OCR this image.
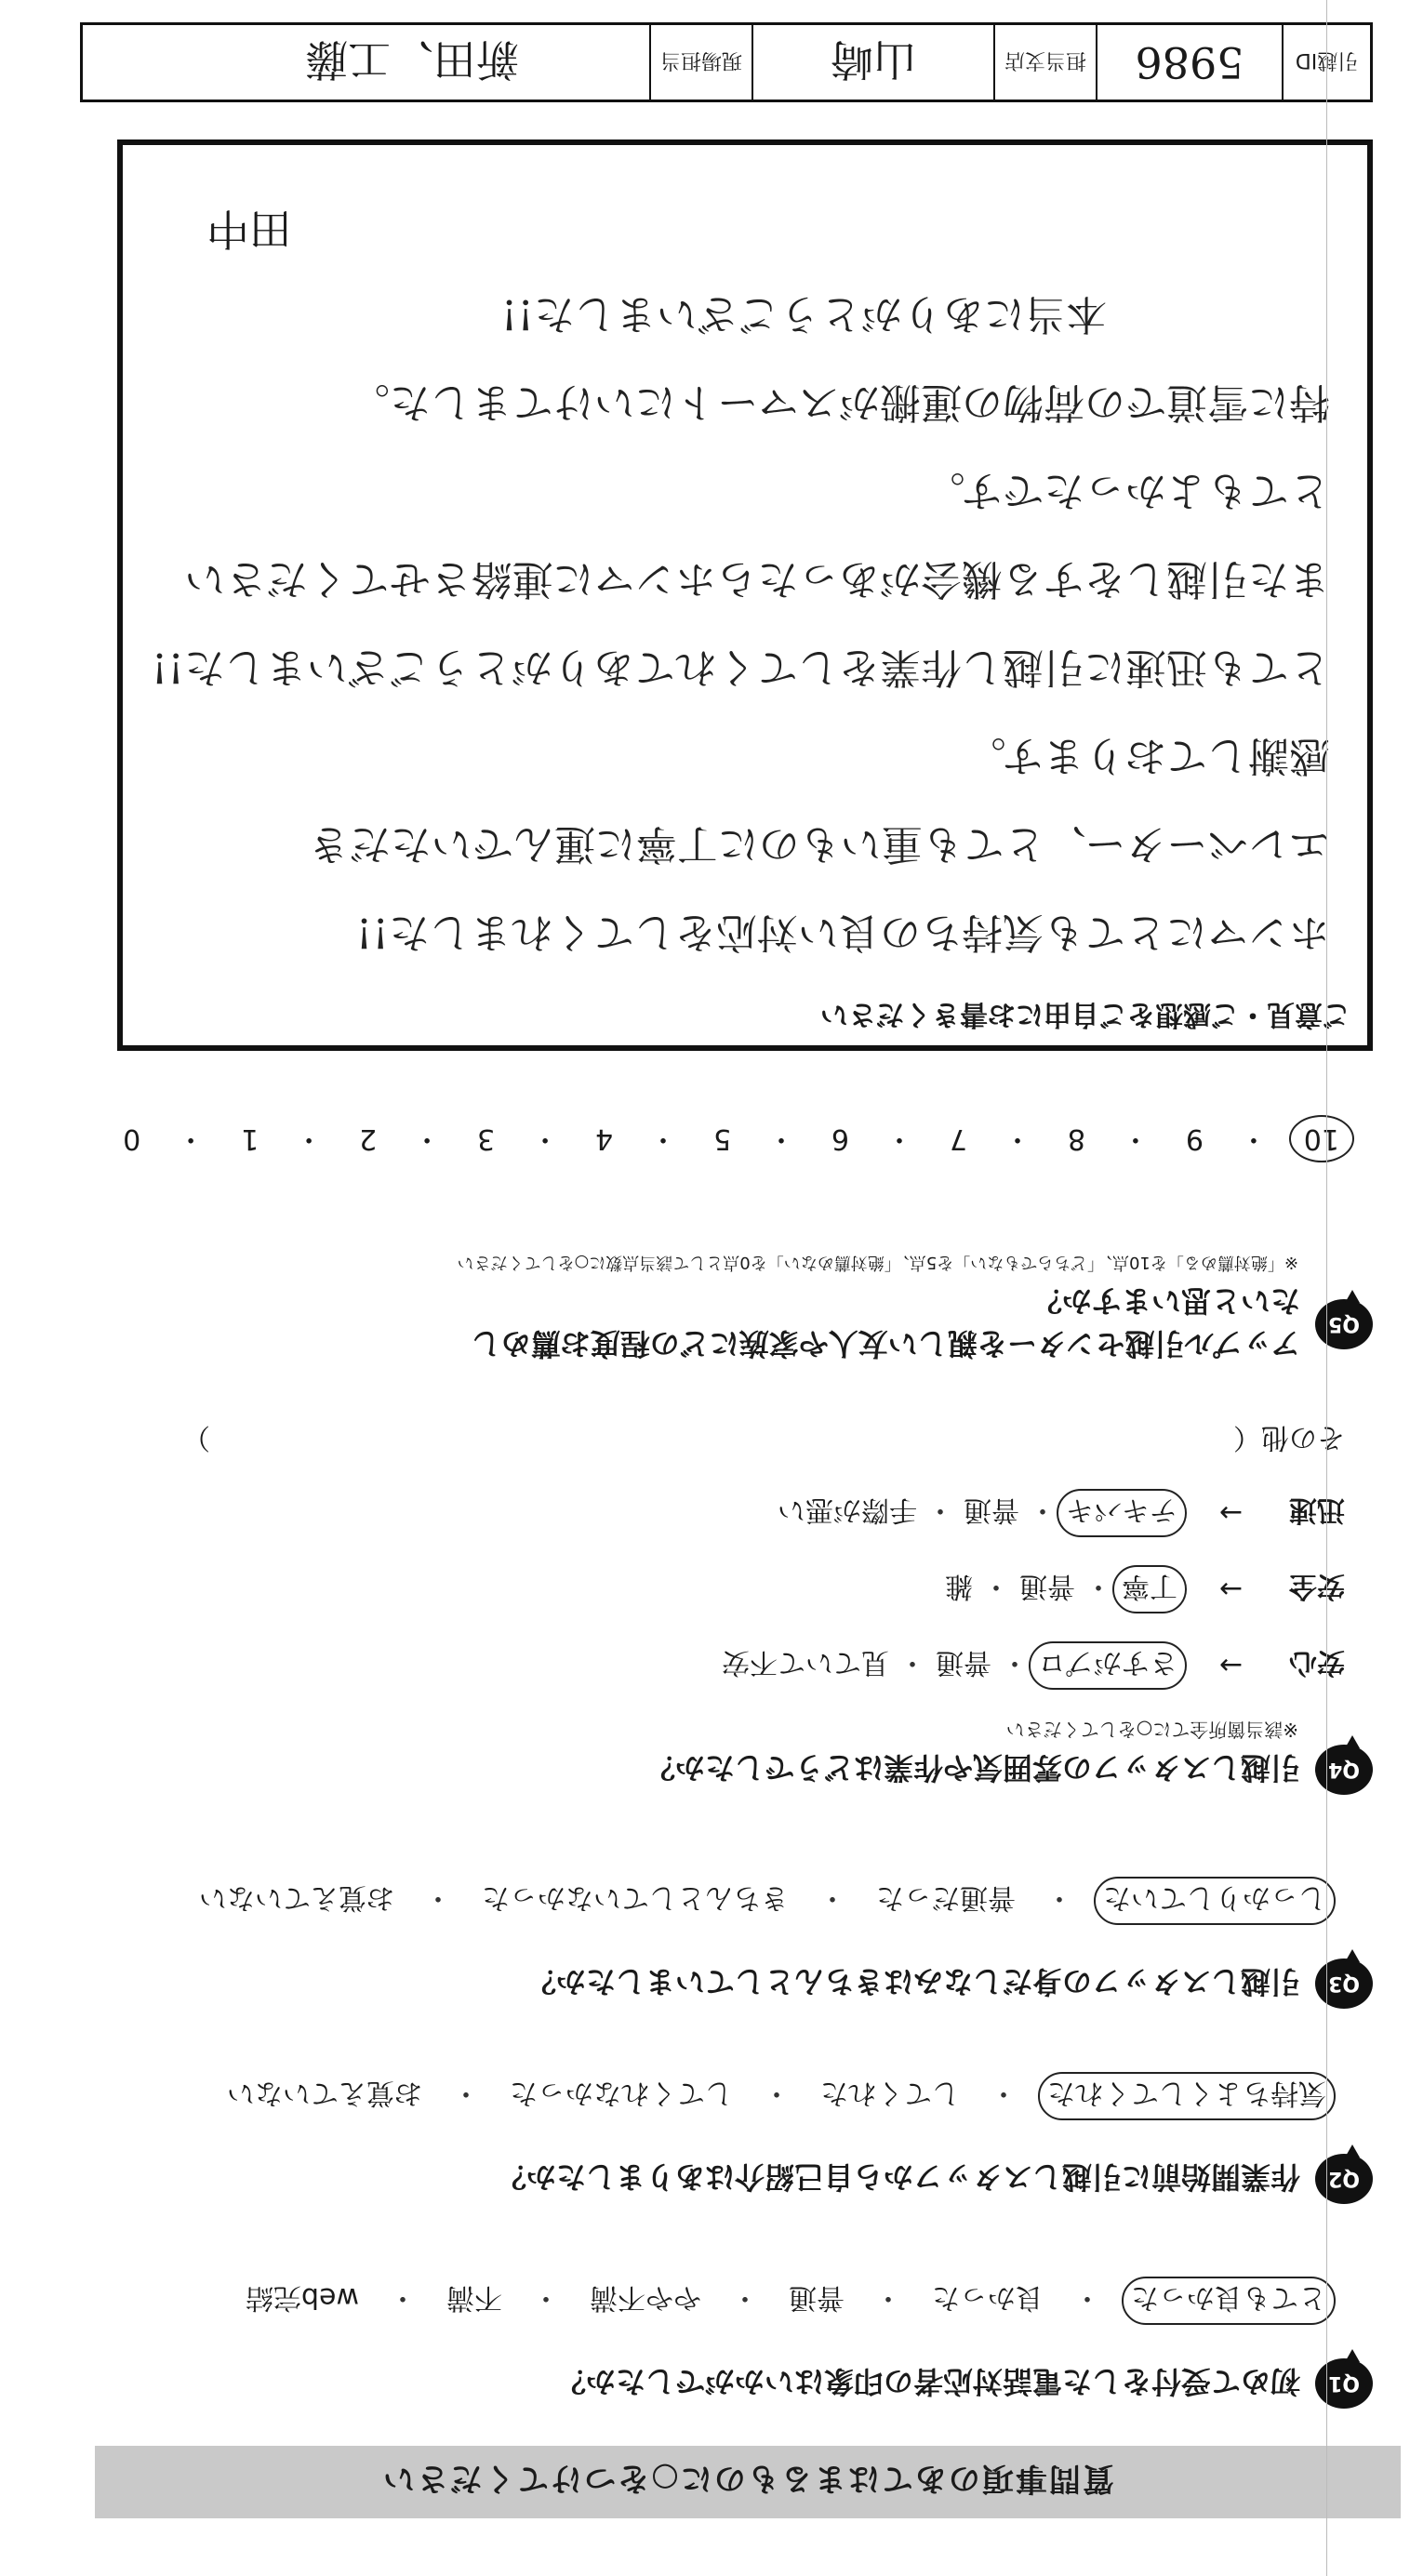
質問事項のあてはまるものに○をつけてください
Q1
初めて受付をした電話対応者の印象はいかがでしたか？
とても良かった
・
良かった
・
普通
・
やや不満
・
不満
・
web完結
Q2
作業開始前に引越しスタッフから自己紹介はありましたか？
気持ちよくしてくれた
・
してくれた
・
してくれなかった
・
お覚えていない
Q3
引越しスタッフの身だしなみはきちんとしていましたか？
しっかりしていた
・
普通だった
・
きちんとしていなかった
・
お覚えていない
Q4
引越しスタッフの雰囲気や作業はどうでしたか？
※該当箇所全てに○をしてください
安心
→
さすがプロ
・
普通
・
見ていて不安
安全
→
丁寧
・
普通
・
雑
迅速
→
テキパキ
・
普通
・
手際が悪い
その他（）
Q5
アップル引越センターを親しい友人や家族にどの程度お薦めしたいと思いますか？
※「絶対薦める」を10点、「どちらでもない」を5点、「絶対薦めない」を0点として該当点数に○をしてください
10
・
9
・
8
・
7
・
6
・
5
・
4
・
3
・
2
・
1
・
0
ご意見・ご感想をご自由にお書きください
ホンマにとても気持ちの良い対応をしてくれました!!
エレベーター、とても重いものに丁寧に運んでいただき
感謝しております。
とても迅速に引越し作業をしてくれてありがとうございました!!
また引越しをする機会があったらホンマに連絡させてください
とてもよかったです。
特に雪道での荷物の運搬がスマートにいけてました。
本当にありがとうございました!!
田中
引越ID
5986
担当支店
山崎
現場担当
新田、工藤
